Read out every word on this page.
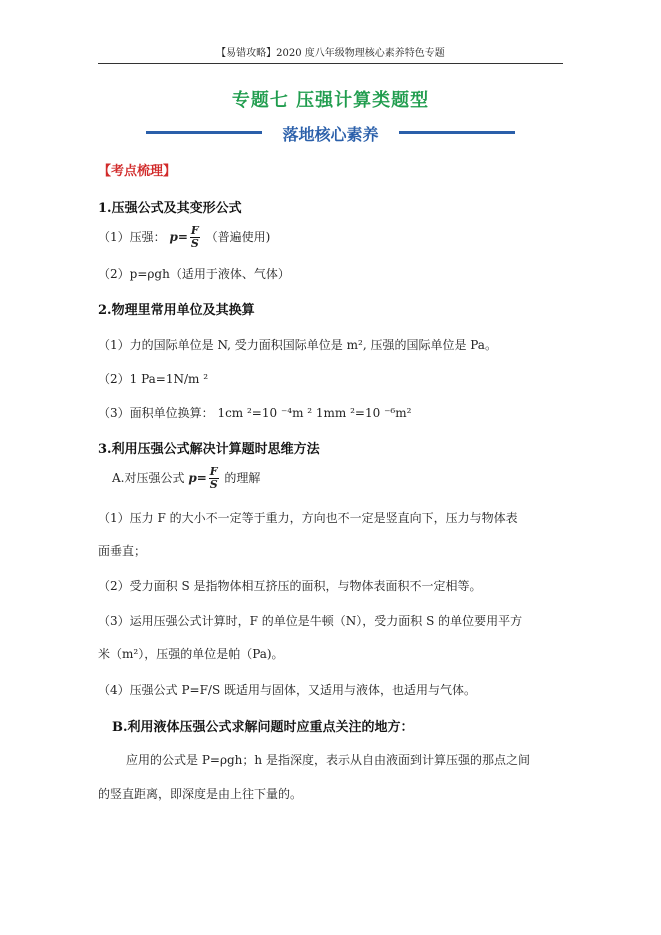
【易错攻略】2020 度八年级物理核心素养特色专题
专题七 压强计算类题型
落地核心素养
【考点梳理】
1.压强公式及其变形公式
（1）压强： $p= \frac{F}{S}$ （普遍使用)
（2）p=ρgh（适用于液体、气体）
2.物理里常用单位及其换算
（1）力的国际单位是 N, 受力面积国际单位是 m², 压强的国际单位是 Pa。
（2）1 Pa=1N/m ²
（3）面积单位换算： 1cm ²=10 ⁻⁴m ² 1mm ²=10 ⁻⁶m²
3.利用压强公式解决计算题时思维方法
A.对压强公式 $p= \frac{F}{S}$ 的理解
（1）压力 F 的大小不一定等于重力，方向也不一定是竖直向下，压力与物体表
面垂直；
（2）受力面积 S 是指物体相互挤压的面积，与物体表面积不一定相等。
（3）运用压强公式计算时，F 的单位是牛顿（N），受力面积 S 的单位要用平方
米（m²），压强的单位是帕（Pa)。
（4）压强公式 P=F/S 既适用与固体，又适用与液体，也适用与气体。
B.利用液体压强公式求解问题时应重点关注的地方：
应用的公式是 P=ρgh；h 是指深度，表示从自由液面到计算压强的那点之间
的竖直距离，即深度是由上往下量的。
